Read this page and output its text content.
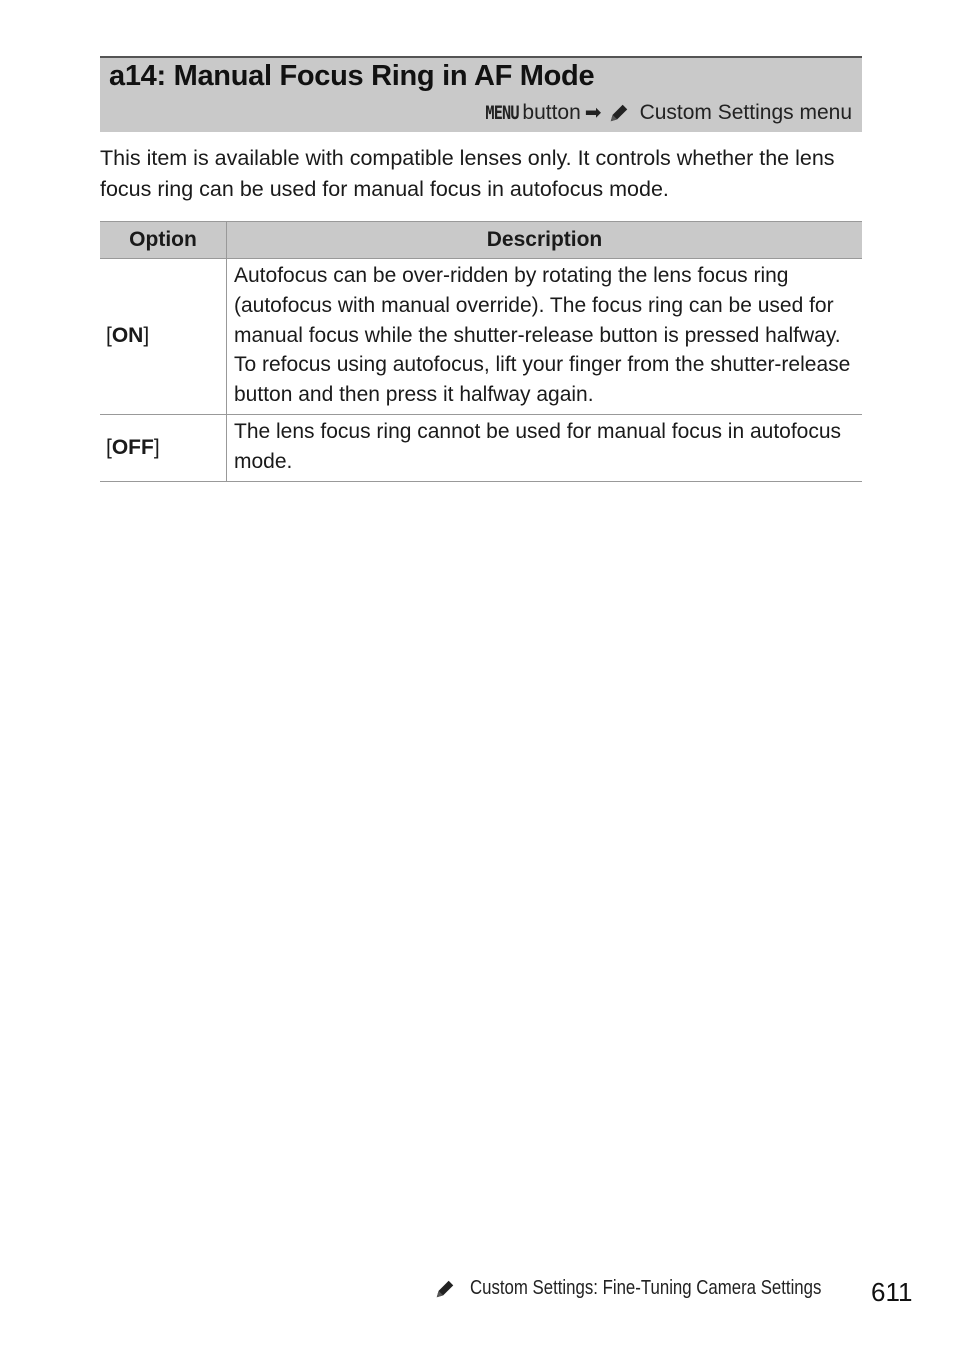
a14: Manual Focus Ring in AF Mode
MENU button ➡ Custom Settings menu
This item is available with compatible lenses only. It controls whether the lens focus ring can be used for manual focus in autofocus mode.
Option	Description
[ON]	Autofocus can be over-ridden by rotating the lens focus ring (autofocus with manual override). The focus ring can be used for manual focus while the shutter-release button is pressed halfway. To refocus using autofocus, lift your finger from the shutter-release button and then press it halfway again.
[OFF]	The lens focus ring cannot be used for manual focus in autofocus mode.
Custom Settings: Fine-Tuning Camera Settings 611
